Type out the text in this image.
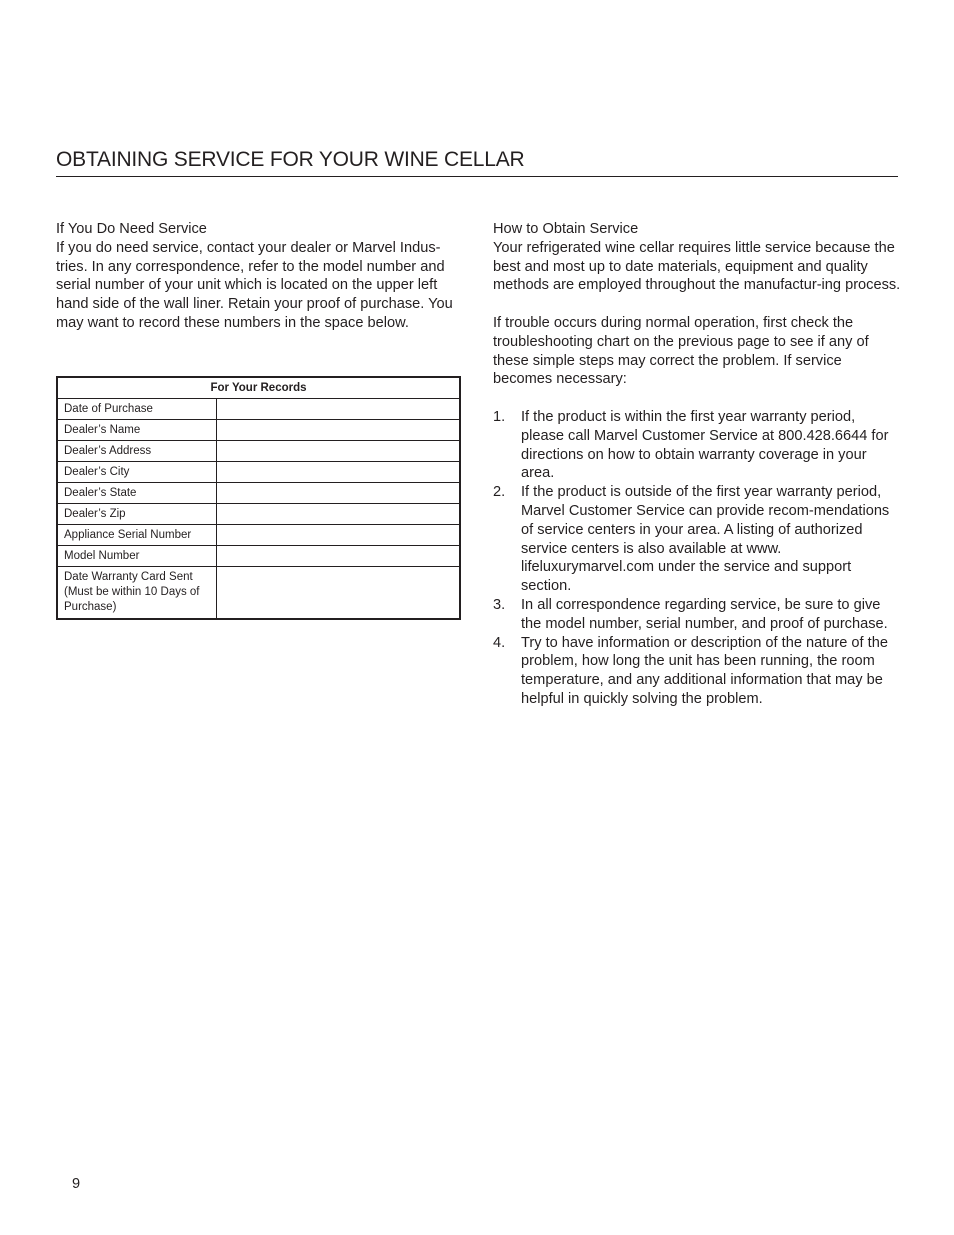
OBTAINING SERVICE FOR YOUR WINE CELLAR
If You Do Need Service

If you do need service, contact your dealer or Marvel Indus-tries. In any correspondence, refer to the model number and serial number of your unit which is located on the upper left hand side of the wall liner. Retain your proof of purchase. You may want to record these numbers in the space below.

For Your Records	
Date of Purchase	
Dealer’s Name	
Dealer’s Address	
Dealer’s City	
Dealer’s State	
Dealer’s Zip	
Appliance Serial Number	
Model Number	
Date Warranty Card Sent (Must be within 10 Days of Purchase)	
How to Obtain Service

Your refrigerated wine cellar requires little service because the best and most up to date materials, equipment and quality methods are employed throughout the manufactur-ing process.

If trouble occurs during normal operation, first check the troubleshooting chart on the previous page to see if any of these simple steps may correct the problem. If service becomes necessary:

1. If the product is within the first year warranty period, please call Marvel Customer Service at 800.428.6644 for directions on how to obtain warranty coverage in your area.
2. If the product is outside of the first year warranty period, Marvel Customer Service can provide recom-mendations of service centers in your area. A listing of authorized service centers is also available at www. lifeluxurymarvel.com under the service and support section.
3. In all correspondence regarding service, be sure to give the model number, serial number, and proof of purchase.
4. Try to have information or description of the nature of the problem, how long the unit has been running, the room temperature, and any additional information that may be helpful in quickly solving the problem.
9
